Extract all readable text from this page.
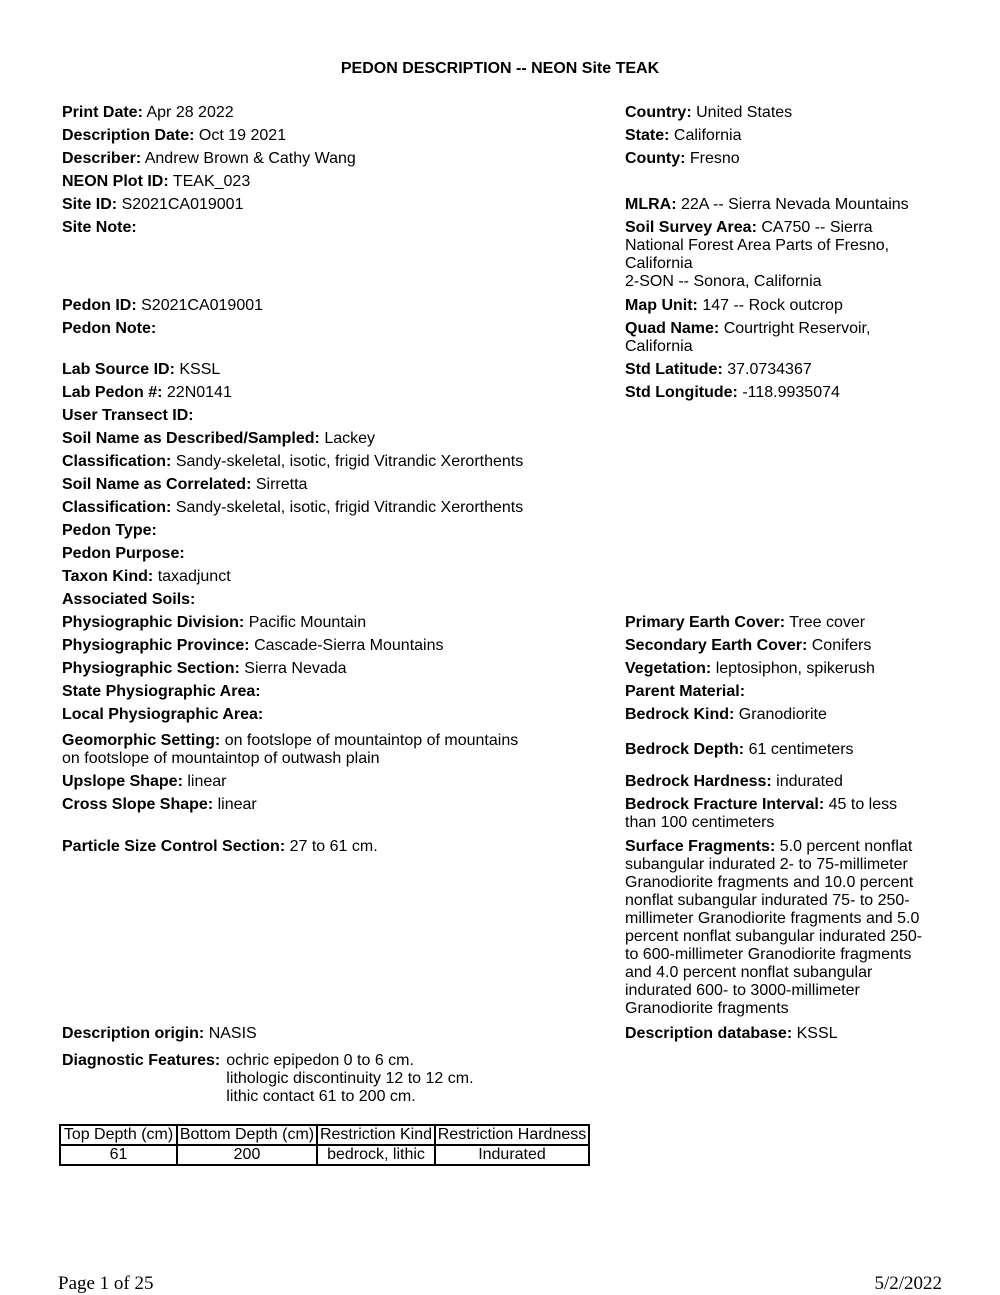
PEDON DESCRIPTION -- NEON Site TEAK
Print Date: Apr 28 2022
Description Date: Oct 19 2021
Describer: Andrew Brown & Cathy Wang
NEON Plot ID: TEAK_023
Site ID: S2021CA019001
Site Note:
Pedon ID: S2021CA019001
Pedon Note:
Lab Source ID: KSSL
Lab Pedon #: 22N0141
User Transect ID:
Soil Name as Described/Sampled: Lackey
Classification: Sandy-skeletal, isotic, frigid Vitrandic Xerorthents
Soil Name as Correlated: Sirretta
Classification: Sandy-skeletal, isotic, frigid Vitrandic Xerorthents
Pedon Type:
Pedon Purpose:
Taxon Kind: taxadjunct
Associated Soils:
Physiographic Division: Pacific Mountain
Physiographic Province: Cascade-Sierra Mountains
Physiographic Section: Sierra Nevada
State Physiographic Area:
Local Physiographic Area:
Geomorphic Setting: on footslope of mountaintop of mountains on footslope of mountaintop of outwash plain
Upslope Shape: linear
Cross Slope Shape: linear
Particle Size Control Section: 27 to 61 cm.
Description origin: NASIS
Country: United States
State: California
County: Fresno
MLRA: 22A -- Sierra Nevada Mountains
Soil Survey Area: CA750 -- Sierra National Forest Area Parts of Fresno, California
2-SON -- Sonora, California
Map Unit: 147 -- Rock outcrop
Quad Name: Courtright Reservoir, California
Std Latitude: 37.0734367
Std Longitude: -118.9935074
Primary Earth Cover: Tree cover
Secondary Earth Cover: Conifers
Vegetation: leptosiphon, spikerush
Parent Material:
Bedrock Kind: Granodiorite
Bedrock Depth: 61 centimeters
Bedrock Hardness: indurated
Bedrock Fracture Interval: 45 to less than 100 centimeters
Surface Fragments: 5.0 percent nonflat subangular indurated 2- to 75-millimeter Granodiorite fragments and 10.0 percent nonflat subangular indurated 75- to 250-millimeter Granodiorite fragments and 5.0 percent nonflat subangular indurated 250-to 600-millimeter Granodiorite fragments and 4.0 percent nonflat subangular indurated 600- to 3000-millimeter Granodiorite fragments
Description database: KSSL
Diagnostic Features: ochric epipedon 0 to 6 cm.
lithologic discontinuity 12 to 12 cm.
lithic contact 61 to 200 cm.
Top Depth (cm)	Bottom Depth (cm)	Restriction Kind	Restriction Hardness
61	200	bedrock, lithic	Indurated
Page 1 of 25	5/2/2022
